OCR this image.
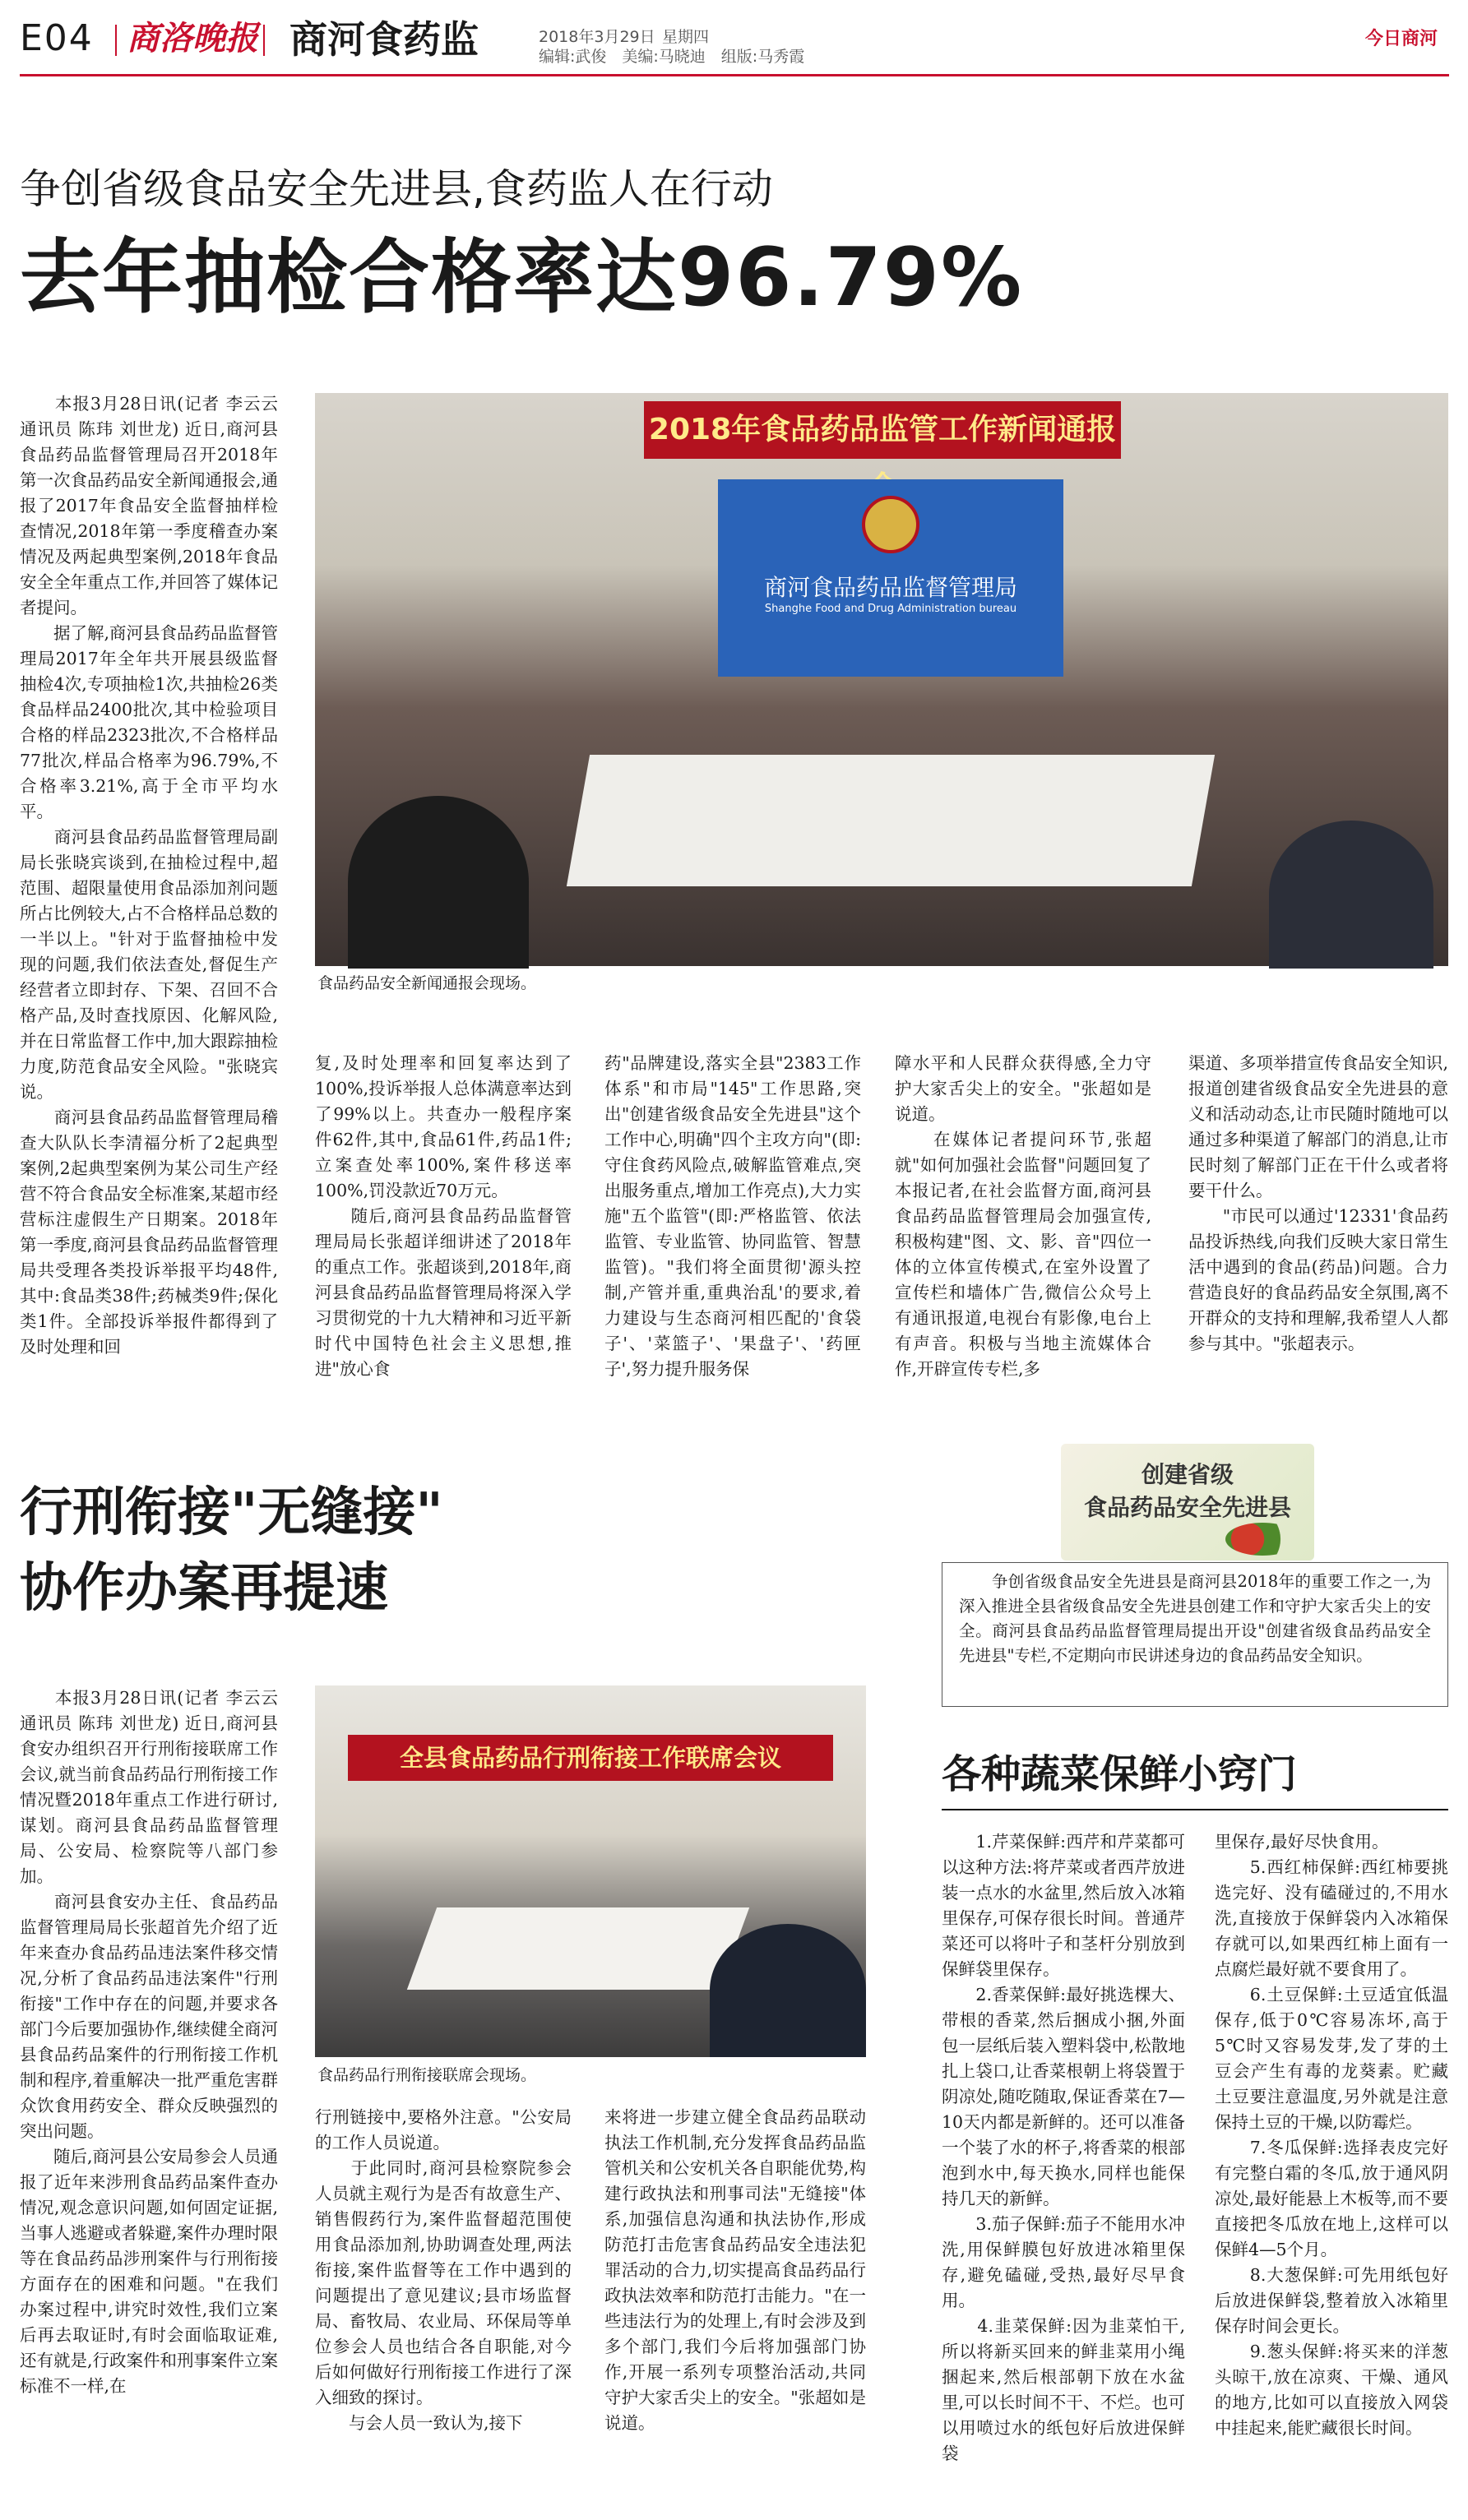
E04 商洛晚报 商河食药监	2018年3月29日 星期四
编辑:武俊　美编:马晓迪　组版:马秀霞
今日商河
争创省级食品安全先进县,食药监人在行动
去年抽检合格率达96.79%
2018年食品药品监管工作新闻通报
商河食品药品监督管理局
Shanghe Food and Drug Administration bureau
食品药品安全新闻通报会现场。
　　本报3月28日讯(记者 李云云 通讯员 陈玮 刘世龙) 近日,商河县食品药品监督管理局召开2018年第一次食品药品安全新闻通报会,通报了2017年食品安全监督抽样检查情况,2018年第一季度稽查办案情况及两起典型案例,2018年食品安全全年重点工作,并回答了媒体记者提问。
　　据了解,商河县食品药品监督管理局2017年全年共开展县级监督抽检4次,专项抽检1次,共抽检26类食品样品2400批次,其中检验项目合格的样品2323批次,不合格样品77批次,样品合格率为96.79%,不合格率3.21%,高于全市平均水平。
　　商河县食品药品监督管理局副局长张晓宾谈到,在抽检过程中,超范围、超限量使用食品添加剂问题所占比例较大,占不合格样品总数的一半以上。"针对于监督抽检中发现的问题,我们依法查处,督促生产经营者立即封存、下架、召回不合格产品,及时查找原因、化解风险,并在日常监督工作中,加大跟踪抽检力度,防范食品安全风险。"张晓宾说。
　　商河县食品药品监督管理局稽查大队队长李清福分析了2起典型案例,2起典型案例为某公司生产经营不符合食品安全标准案,某超市经营标注虚假生产日期案。2018年第一季度,商河县食品药品监督管理局共受理各类投诉举报平均48件,其中:食品类38件;药械类9件;保化类1件。全部投诉举报件都得到了及时处理和回
复,及时处理率和回复率达到了100%,投诉举报人总体满意率达到了99%以上。共查办一般程序案件62件,其中,食品61件,药品1件;立案查处率100%,案件移送率100%,罚没款近70万元。
　　随后,商河县食品药品监督管理局局长张超详细讲述了2018年的重点工作。张超谈到,2018年,商河县食品药品监督管理局将深入学习贯彻党的十九大精神和习近平新时代中国特色社会主义思想,推进"放心食
药"品牌建设,落实全县"2383工作体系"和市局"145"工作思路,突出"创建省级食品安全先进县"这个工作中心,明确"四个主攻方向"(即:守住食药风险点,破解监管难点,突出服务重点,增加工作亮点),大力实施"五个监管"(即:严格监管、依法监管、专业监管、协同监管、智慧监管)。"我们将全面贯彻'源头控制,产管并重,重典治乱'的要求,着力建设与生态商河相匹配的'食袋子'、'菜篮子'、'果盘子'、'药匣子',努力提升服务保
障水平和人民群众获得感,全力守护大家舌尖上的安全。"张超如是说道。
　　在媒体记者提问环节,张超就"如何加强社会监督"问题回复了本报记者,在社会监督方面,商河县食品药品监督管理局会加强宣传,积极构建"图、文、影、音"四位一体的立体宣传模式,在室外设置了宣传栏和墙体广告,微信公众号上有通讯报道,电视台有影像,电台上有声音。积极与当地主流媒体合作,开辟宣传专栏,多
渠道、多项举措宣传食品安全知识,报道创建省级食品安全先进县的意义和活动动态,让市民随时随地可以通过多种渠道了解部门的消息,让市民时刻了解部门正在干什么或者将要干什么。
　　"市民可以通过'12331'食品药品投诉热线,向我们反映大家日常生活中遇到的食品(药品)问题。合力营造良好的食品药品安全氛围,离不开群众的支持和理解,我希望人人都参与其中。"张超表示。
行刑衔接"无缝接"
协作办案再提速
全县食品药品行刑衔接工作联席会议
食品药品行刑衔接联席会现场。
　　本报3月28日讯(记者 李云云 通讯员 陈玮 刘世龙) 近日,商河县食安办组织召开行刑衔接联席工作会议,就当前食品药品行刑衔接工作情况暨2018年重点工作进行研讨,谋划。商河县食品药品监督管理局、公安局、检察院等八部门参加。
　　商河县食安办主任、食品药品监督管理局局长张超首先介绍了近年来查办食品药品违法案件移交情况,分析了食品药品违法案件"行刑衔接"工作中存在的问题,并要求各部门今后要加强协作,继续健全商河县食品药品案件的行刑衔接工作机制和程序,着重解决一批严重危害群众饮食用药安全、群众反映强烈的突出问题。
　　随后,商河县公安局参会人员通报了近年来涉刑食品药品案件查办情况,观念意识问题,如何固定证据,当事人逃避或者躲避,案件办理时限等在食品药品涉刑案件与行刑衔接方面存在的困难和问题。"在我们办案过程中,讲究时效性,我们立案后再去取证时,有时会面临取证难,还有就是,行政案件和刑事案件立案标准不一样,在
行刑链接中,要格外注意。"公安局的工作人员说道。
　　于此同时,商河县检察院参会人员就主观行为是否有故意生产、销售假药行为,案件监督超范围使用食品添加剂,协助调查处理,两法衔接,案件监督等在工作中遇到的问题提出了意见建议;县市场监督局、畜牧局、农业局、环保局等单位参会人员也结合各自职能,对今后如何做好行刑衔接工作进行了深入细致的探讨。
　　与会人员一致认为,接下
来将进一步建立健全食品药品联动执法工作机制,充分发挥食品药品监管机关和公安机关各自职能优势,构建行政执法和刑事司法"无缝接"体系,加强信息沟通和执法协作,形成防范打击危害食品药品安全违法犯罪活动的合力,切实提高食品药品行政执法效率和防范打击能力。"在一些违法行为的处理上,有时会涉及到多个部门,我们今后将加强部门协作,开展一系列专项整治活动,共同守护大家舌尖上的安全。"张超如是说道。
创建省级
食品药品安全先进县
　　争创省级食品安全先进县是商河县2018年的重要工作之一,为深入推进全县省级食品安全先进县创建工作和守护大家舌尖上的安全。商河县食品药品监督管理局提出开设"创建省级食品药品安全先进县"专栏,不定期向市民讲述身边的食品药品安全知识。
各种蔬菜保鲜小窍门
　　1.芹菜保鲜:西芹和芹菜都可以这种方法:将芹菜或者西芹放进装一点水的水盆里,然后放入冰箱里保存,可保存很长时间。普通芹菜还可以将叶子和茎杆分别放到保鲜袋里保存。
　　2.香菜保鲜:最好挑选棵大、带根的香菜,然后捆成小捆,外面包一层纸后装入塑料袋中,松散地扎上袋口,让香菜根朝上将袋置于阴凉处,随吃随取,保证香菜在7—10天内都是新鲜的。还可以准备一个装了水的杯子,将香菜的根部泡到水中,每天换水,同样也能保持几天的新鲜。
　　3.茄子保鲜:茄子不能用水冲洗,用保鲜膜包好放进冰箱里保存,避免磕碰,受热,最好尽早食用。
　　4.韭菜保鲜:因为韭菜怕干,所以将新买回来的鲜韭菜用小绳捆起来,然后根部朝下放在水盆里,可以长时间不干、不烂。也可以用喷过水的纸包好后放进保鲜袋
里保存,最好尽快食用。
　　5.西红柿保鲜:西红柿要挑选完好、没有磕碰过的,不用水洗,直接放于保鲜袋内入冰箱保存就可以,如果西红柿上面有一点腐烂最好就不要食用了。
　　6.土豆保鲜:土豆适宜低温保存,低于0℃容易冻坏,高于5℃时又容易发芽,发了芽的土豆会产生有毒的龙葵素。贮藏土豆要注意温度,另外就是注意保持土豆的干燥,以防霉烂。
　　7.冬瓜保鲜:选择表皮完好有完整白霜的冬瓜,放于通风阴凉处,最好能悬上木板等,而不要直接把冬瓜放在地上,这样可以保鲜4—5个月。
　　8.大葱保鲜:可先用纸包好后放进保鲜袋,整着放入冰箱里保存时间会更长。
　　9.葱头保鲜:将买来的洋葱头晾干,放在凉爽、干燥、通风的地方,比如可以直接放入网袋中挂起来,能贮藏很长时间。
